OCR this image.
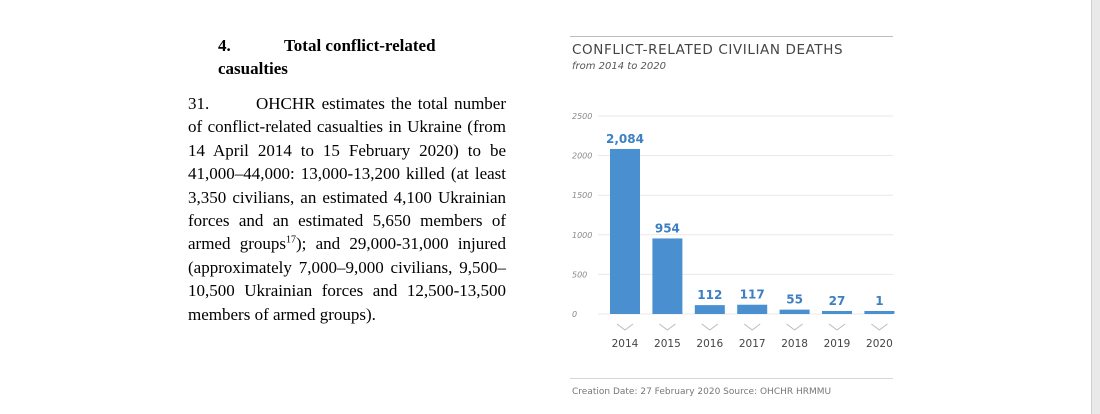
4.	Total conflict-related
casualties
31.	OHCHR estimates the total number of conflict-related casualties in Ukraine (from 14 April 2014 to 15 February 2020) to be 41,000–44,000: 13,000-13,200 killed (at least 3,350 civilians, an estimated 4,100 Ukrainian forces and an estimated 5,650 members of armed groups$^{17}$); and 29,000-31,000 injured (approximately 7,000–9,000 civilians, 9,500–10,500 Ukrainian forces and 12,500-13,500 members of armed groups).
CONFLICT-RELATED CIVILIAN DEATHS
from 2014 to 2020
0
500
1000
1500
2000
2500
2,084
2014
954
2015
112
2016
117
2017
55
2018
27
2019
1
2020
Creation Date: 27 February 2020 Source: OHCHR HRMMU
